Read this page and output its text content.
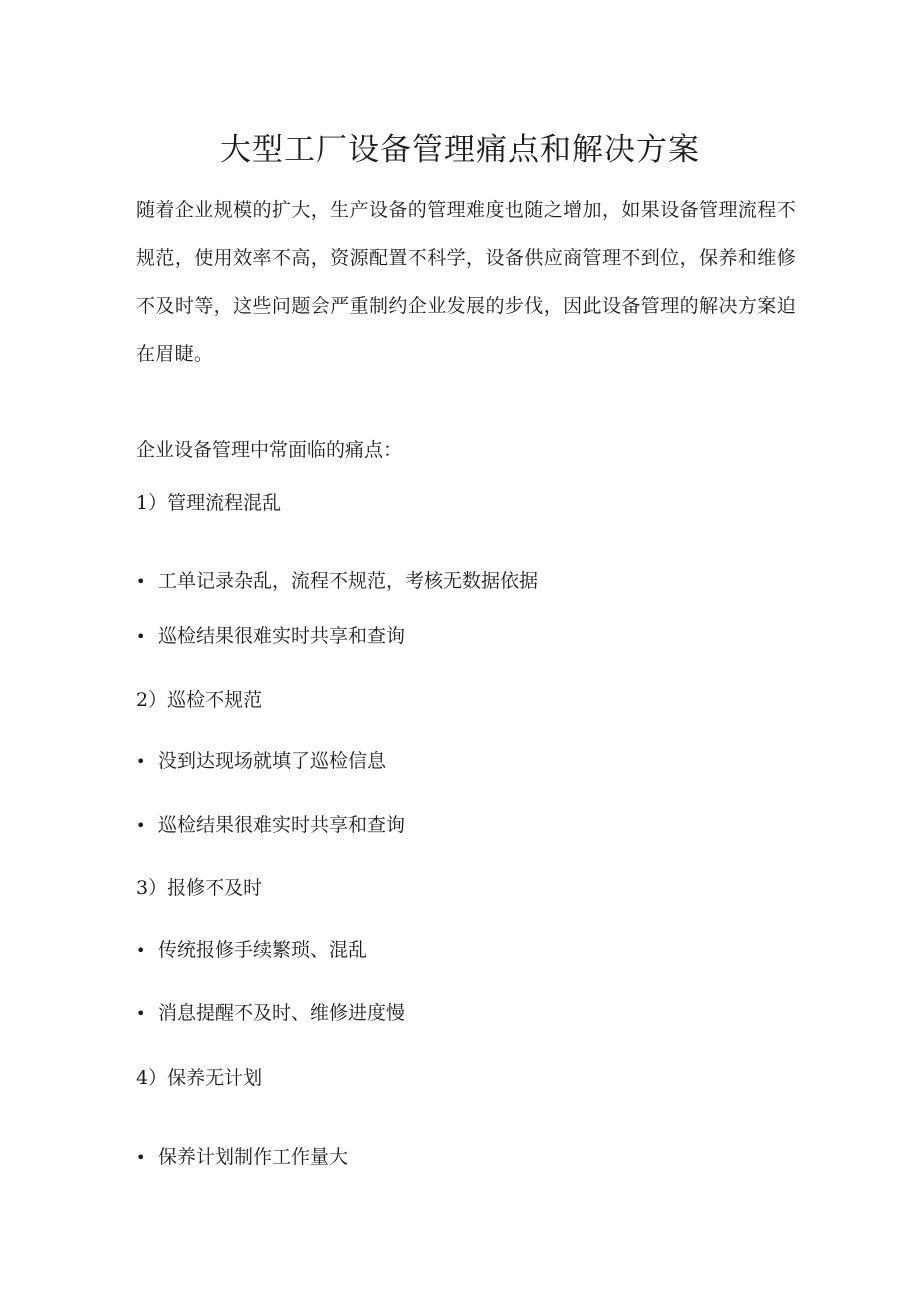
大型工厂设备管理痛点和解决方案

随着企业规模的扩大，生产设备的管理难度也随之增加，如果设备管理流程不规范，使用效率不高，资源配置不科学，设备供应商管理不到位，保养和维修不及时等，这些问题会严重制约企业发展的步伐，因此设备管理的解决方案迫在眉睫。

企业设备管理中常面临的痛点：

1）管理流程混乱

• 工单记录杂乱，流程不规范，考核无数据依据

• 巡检结果很难实时共享和查询

2）巡检不规范

• 没到达现场就填了巡检信息

• 巡检结果很难实时共享和查询

3）报修不及时

• 传统报修手续繁琐、混乱

• 消息提醒不及时、维修进度慢

4）保养无计划

• 保养计划制作工作量大
